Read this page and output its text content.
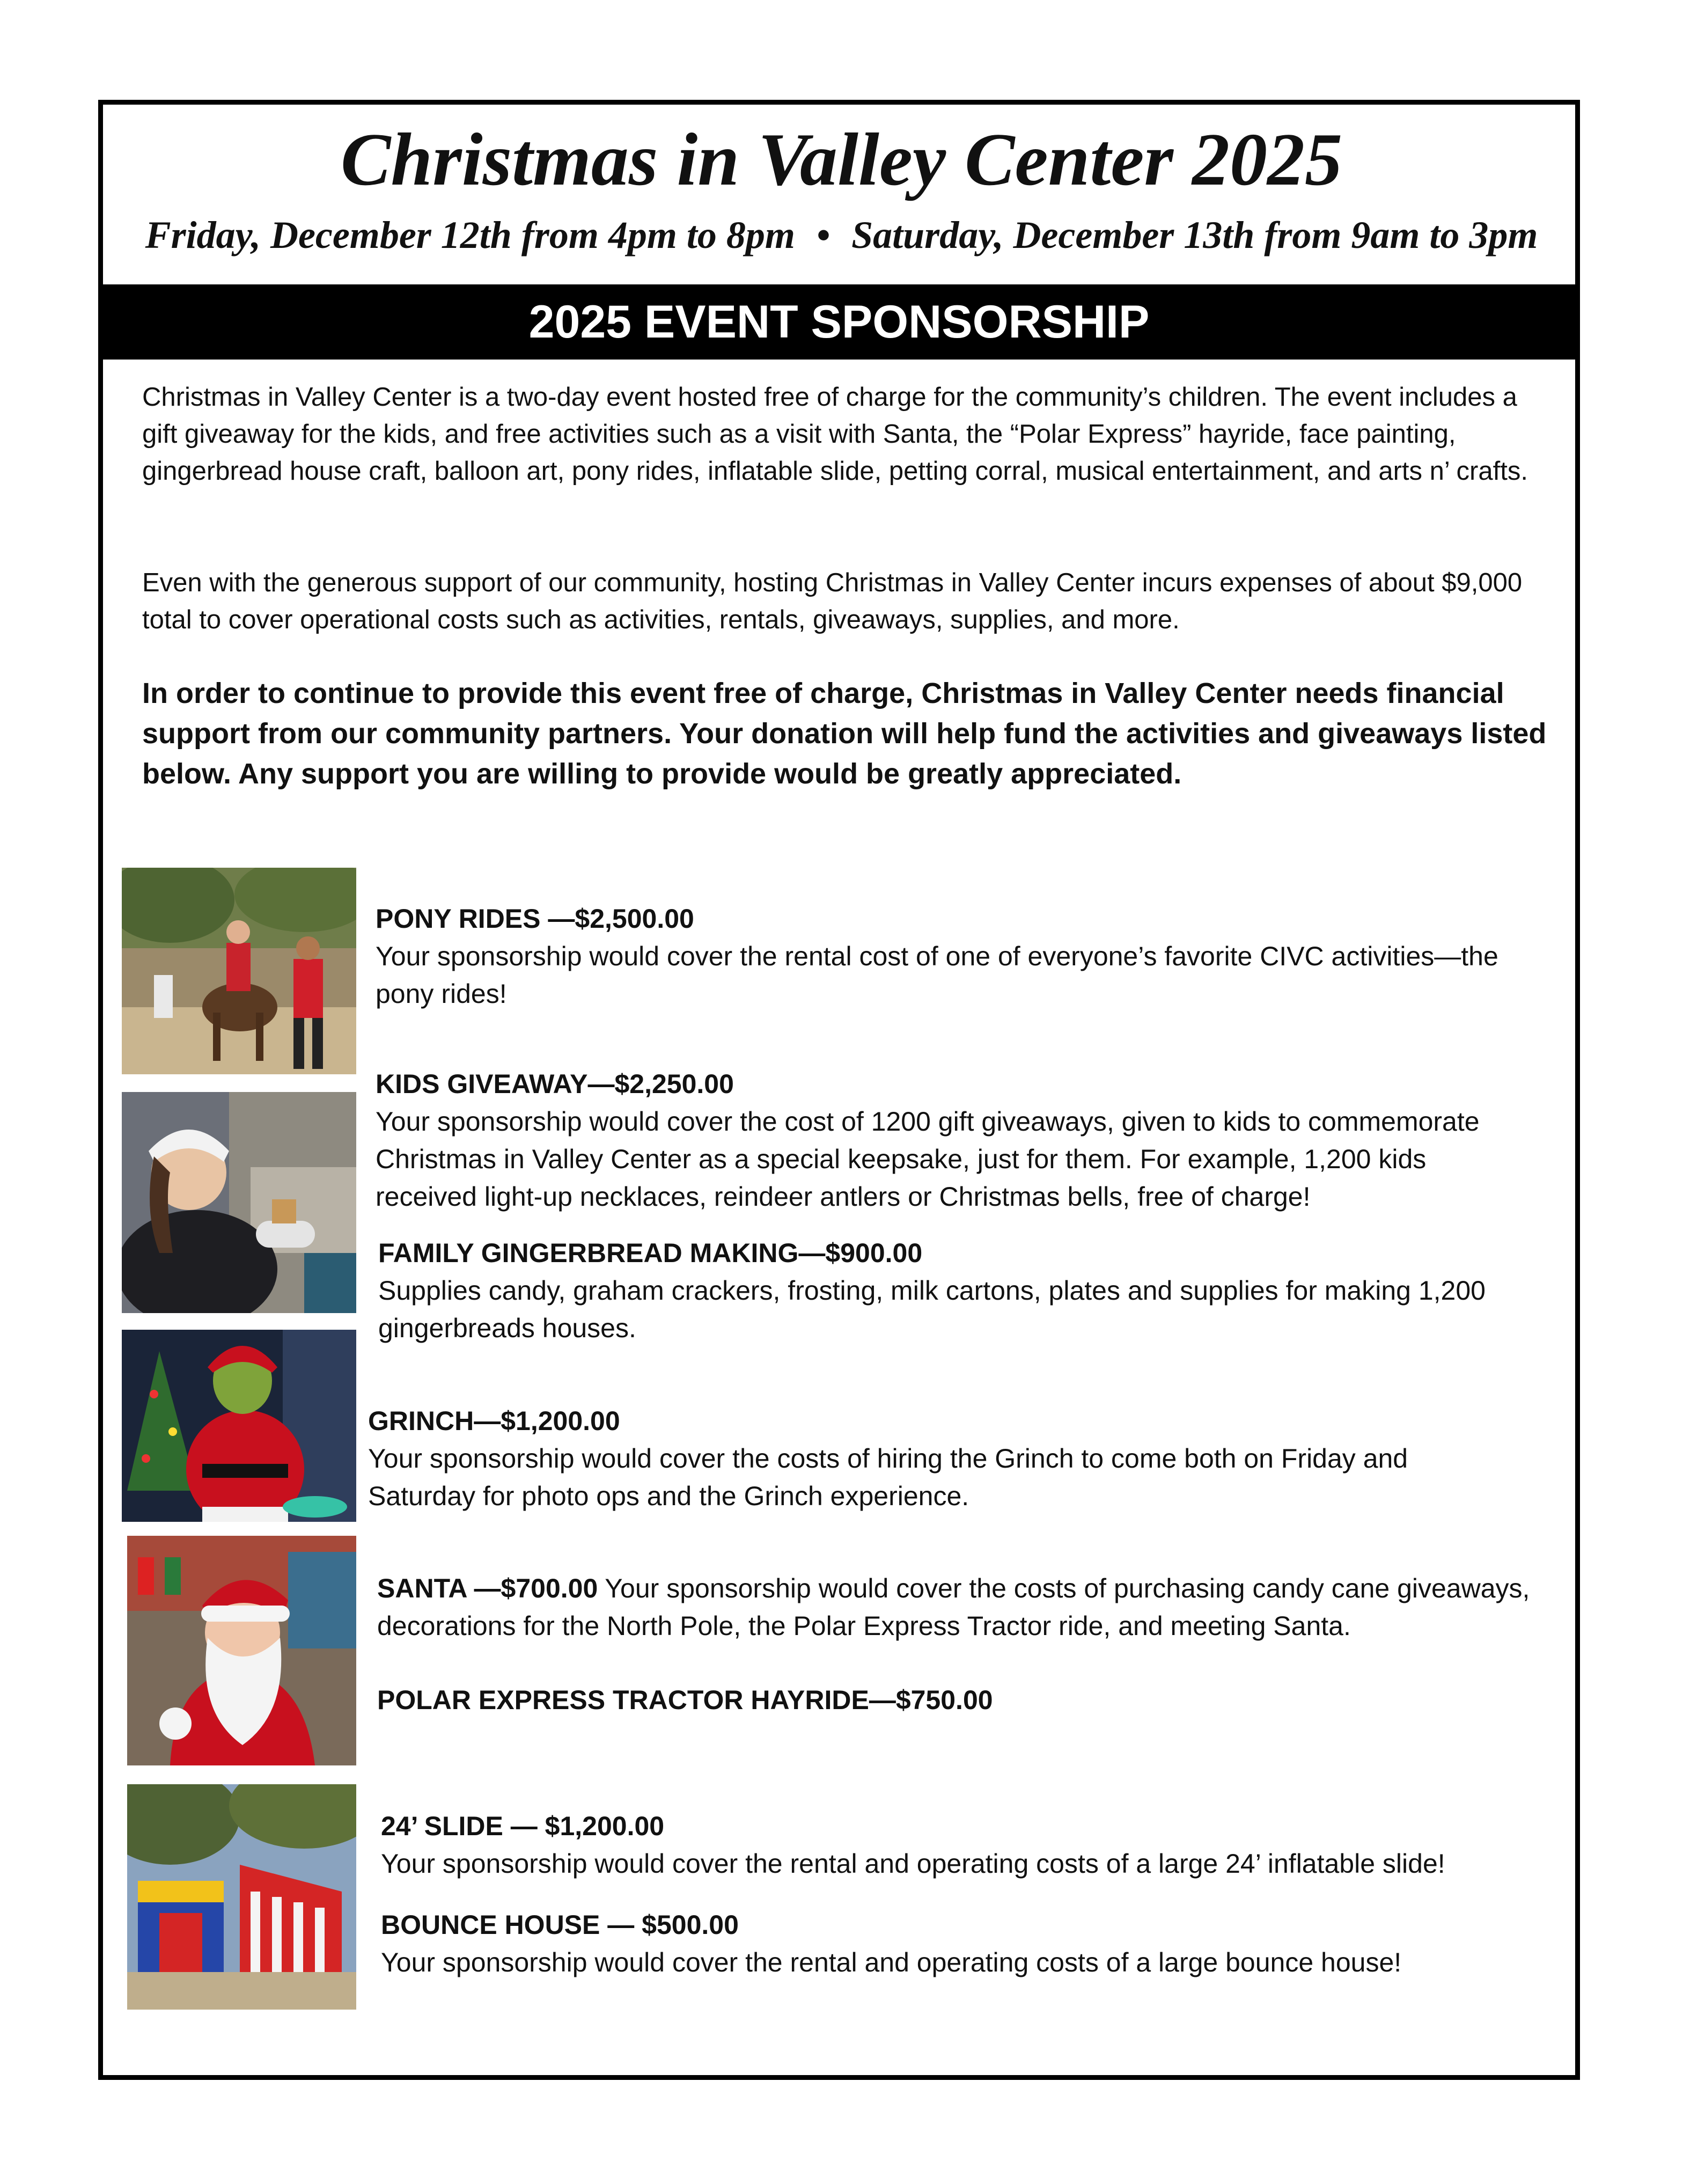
Christmas in Valley Center 2025
Friday, December 12th from 4pm to 8pm • Saturday, December 13th from 9am to 3pm
2025 EVENT SPONSORSHIP

Christmas in Valley Center is a two-day event hosted free of charge for the community’s children. The event includes a gift giveaway for the kids, and free activities such as a visit with Santa, the “Polar Express” hayride, face painting, gingerbread house craft, balloon art, pony rides, inflatable slide, petting corral, musical entertainment, and arts n’ crafts.

Even with the generous support of our community, hosting Christmas in Valley Center incurs expenses of about $9,000 total to cover operational costs such as activities, rentals, giveaways, supplies, and more.

In order to continue to provide this event free of charge, Christmas in Valley Center needs financial support from our community partners. Your donation will help fund the activities and giveaways listed below. Any support you are willing to provide would be greatly appreciated.

PONY RIDES —$2,500.00
Your sponsorship would cover the rental cost of one of everyone’s favorite CIVC activities—the pony rides!
KIDS GIVEAWAY—$2,250.00
Your sponsorship would cover the cost of 1200 gift giveaways, given to kids to commemorate Christmas in Valley Center as a special keepsake, just for them. For example, 1,200 kids received light-up necklaces, reindeer antlers or Christmas bells, free of charge!
FAMILY GINGERBREAD MAKING—$900.00
Supplies candy, graham crackers, frosting, milk cartons, plates and supplies for making 1,200 gingerbreads houses.
GRINCH—$1,200.00
Your sponsorship would cover the costs of hiring the Grinch to come both on Friday and Saturday for photo ops and the Grinch experience.
SANTA —$700.00 Your sponsorship would cover the costs of purchasing candy cane giveaways, decorations for the North Pole, the Polar Express Tractor ride, and meeting Santa.
POLAR EXPRESS TRACTOR HAYRIDE—$750.00
24’ SLIDE — $1,200.00
Your sponsorship would cover the rental and operating costs of a large 24’ inflatable slide!
BOUNCE HOUSE — $500.00
Your sponsorship would cover the rental and operating costs of a large bounce house!
